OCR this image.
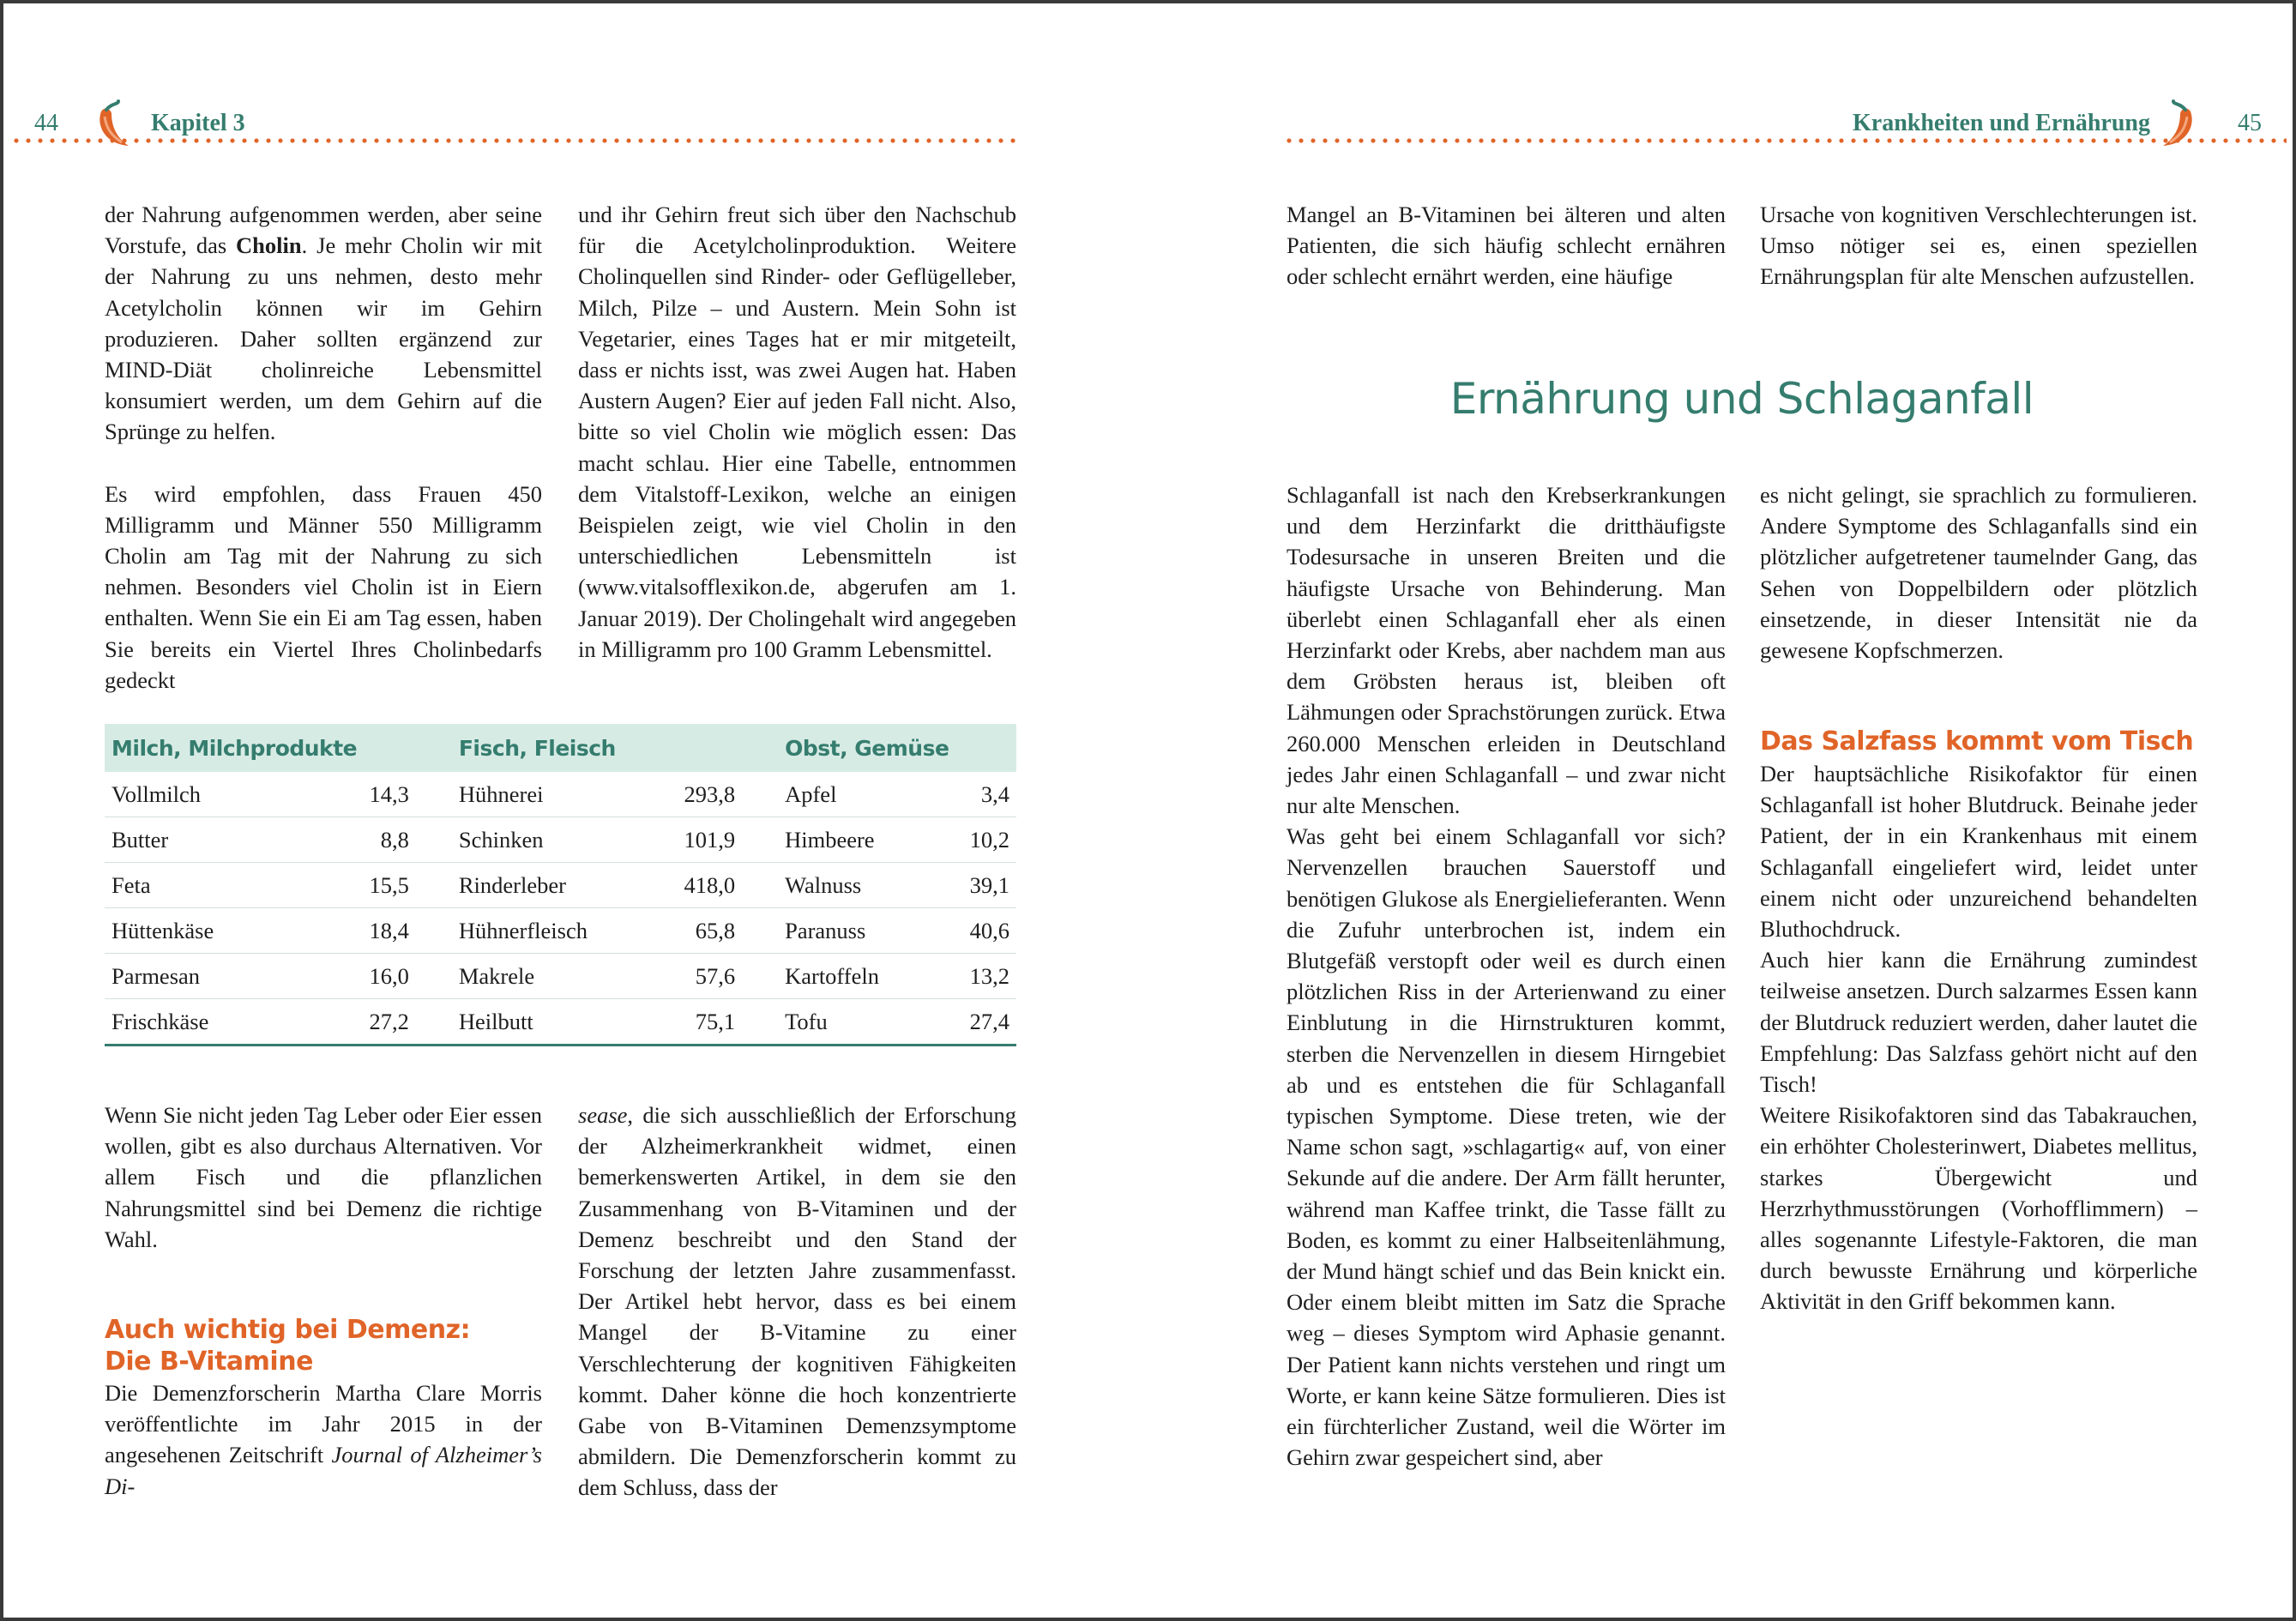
44	Kapitel 3	Krankheiten und Ernährung	45

der Nahrung aufgenommen werden, aber seine Vorstufe, das Cholin. Je mehr Cholin wir mit der Nahrung zu uns nehmen, desto mehr Acetylcholin können wir im Gehirn produzieren. Daher sollten ergänzend zur MIND-Diät cholinreiche Lebensmittel konsumiert werden, um dem Gehirn auf die Sprünge zu helfen.

Es wird empfohlen, dass Frauen 450 Milligramm und Männer 550 Milligramm Cholin am Tag mit der Nahrung zu sich nehmen. Besonders viel Cholin ist in Eiern enthalten. Wenn Sie ein Ei am Tag essen, haben Sie bereits ein Viertel Ihres Cholinbedarfs gedeckt

und ihr Gehirn freut sich über den Nachschub für die Acetylcholinproduktion. Weitere Cholinquellen sind Rinder- oder Geflügelleber, Milch, Pilze – und Austern. Mein Sohn ist Vegetarier, eines Tages hat er mir mitgeteilt, dass er nichts isst, was zwei Augen hat. Haben Austern Augen? Eier auf jeden Fall nicht. Also, bitte so viel Cholin wie möglich essen: Das macht schlau. Hier eine Tabelle, entnommen dem Vitalstoff-Lexikon, welche an einigen Beispielen zeigt, wie viel Cholin in den unterschiedlichen Lebensmitteln ist (www.vitalsofflexikon.de, abgerufen am 1. Januar 2019). Der Cholingehalt wird angegeben in Milligramm pro 100 Gramm Lebensmittel.

Milch, Milchprodukte		Fisch, Fleisch		Obst, Gemüse	
Vollmilch	14,3	Hühnerei	293,8	Apfel	3,4
Butter	8,8	Schinken	101,9	Himbeere	10,2
Feta	15,5	Rinderleber	418,0	Walnuss	39,1
Hüttenkäse	18,4	Hühnerfleisch	65,8	Paranuss	40,6
Parmesan	16,0	Makrele	57,6	Kartoffeln	13,2
Frischkäse	27,2	Heilbutt	75,1	Tofu	27,4

Wenn Sie nicht jeden Tag Leber oder Eier essen wollen, gibt es also durchaus Alternativen. Vor allem Fisch und die pflanzlichen Nahrungsmittel sind bei Demenz die richtige Wahl.

Auch wichtig bei Demenz:
Die B-Vitamine

Die Demenzforscherin Martha Clare Morris veröffentlichte im Jahr 2015 in der angesehenen Zeitschrift Journal of Alzheimer’s Di-

sease, die sich ausschließlich der Erforschung der Alzheimerkrankheit widmet, einen bemerkenswerten Artikel, in dem sie den Zusammenhang von B-Vitaminen und der Demenz beschreibt und den Stand der Forschung der letzten Jahre zusammenfasst. Der Artikel hebt hervor, dass es bei einem Mangel der B-Vitamine zu einer Verschlechterung der kognitiven Fähigkeiten kommt. Daher könne die hoch konzentrierte Gabe von B-Vitaminen Demenzsymptome abmildern. Die Demenzforscherin kommt zu dem Schluss, dass der

Mangel an B-Vitaminen bei älteren und alten Patienten, die sich häufig schlecht ernähren oder schlecht ernährt werden, eine häufige

Ursache von kognitiven Verschlechterungen ist. Umso nötiger sei es, einen speziellen Ernährungsplan für alte Menschen aufzustellen.

Ernährung und Schlaganfall

Schlaganfall ist nach den Krebserkrankungen und dem Herzinfarkt die dritthäufigste Todesursache in unseren Breiten und die häufigste Ursache von Behinderung. Man überlebt einen Schlaganfall eher als einen Herzinfarkt oder Krebs, aber nachdem man aus dem Gröbsten heraus ist, bleiben oft Lähmungen oder Sprachstörungen zurück. Etwa 260.000 Menschen erleiden in Deutschland jedes Jahr einen Schlaganfall – und zwar nicht nur alte Menschen.

Was geht bei einem Schlaganfall vor sich? Nervenzellen brauchen Sauerstoff und benötigen Glukose als Energielieferanten. Wenn die Zufuhr unterbrochen ist, indem ein Blutgefäß verstopft oder weil es durch einen plötzlichen Riss in der Arterienwand zu einer Einblutung in die Hirnstrukturen kommt, sterben die Nervenzellen in diesem Hirngebiet ab und es entstehen die für Schlaganfall typischen Symptome. Diese treten, wie der Name schon sagt, »schlagartig« auf, von einer Sekunde auf die andere. Der Arm fällt herunter, während man Kaffee trinkt, die Tasse fällt zu Boden, es kommt zu einer Halbseitenlähmung, der Mund hängt schief und das Bein knickt ein. Oder einem bleibt mitten im Satz die Sprache weg – dieses Symptom wird Aphasie genannt. Der Patient kann nichts verstehen und ringt um Worte, er kann keine Sätze formulieren. Dies ist ein fürchterlicher Zustand, weil die Wörter im Gehirn zwar gespeichert sind, aber

es nicht gelingt, sie sprachlich zu formulieren. Andere Symptome des Schlaganfalls sind ein plötzlicher aufgetretener taumelnder Gang, das Sehen von Doppelbildern oder plötzlich einsetzende, in dieser Intensität nie da gewesene Kopfschmerzen.

Das Salzfass kommt vom Tisch

Der hauptsächliche Risikofaktor für einen Schlaganfall ist hoher Blutdruck. Beinahe jeder Patient, der in ein Krankenhaus mit einem Schlaganfall eingeliefert wird, leidet unter einem nicht oder unzureichend behandelten Bluthochdruck.

Auch hier kann die Ernährung zumindest teilweise ansetzen. Durch salzarmes Essen kann der Blutdruck reduziert werden, daher lautet die Empfehlung: Das Salzfass gehört nicht auf den Tisch!

Weitere Risikofaktoren sind das Tabakrauchen, ein erhöhter Cholesterinwert, Diabetes mellitus, starkes Übergewicht und Herzrhythmusstörungen (Vorhofflimmern) – alles sogenannte Lifestyle-Faktoren, die man durch bewusste Ernährung und körperliche Aktivität in den Griff bekommen kann.
